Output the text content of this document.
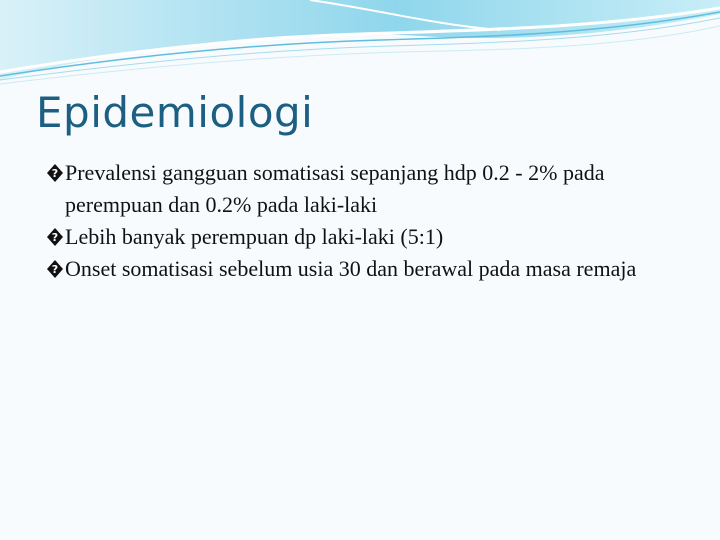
Epidemiologi
? Prevalensi gangguan somatisasi sepanjang hdp 0.2 - 2% pada perempuan dan 0.2% pada laki-laki
? Lebih banyak perempuan dp laki-laki (5:1)
? Onset somatisasi sebelum usia 30 dan berawal pada masa remaja
